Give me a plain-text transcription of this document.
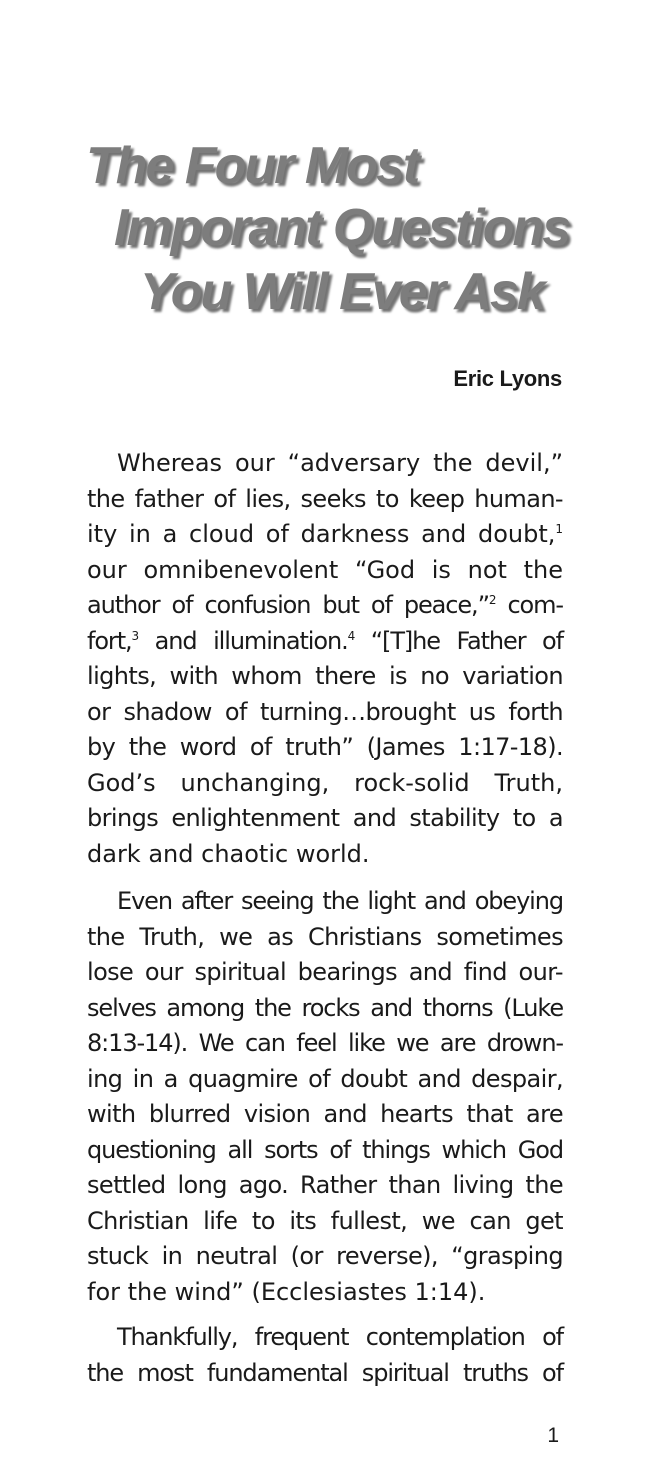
The Four Most
Imporant Questions
You Will Ever Ask
Eric Lyons
Whereas our “adversary the devil,”
the father of lies, seeks to keep human-
ity in a cloud of darkness and doubt,$^1$
our omnibenevolent “God is not the
author of confusion but of peace,”$^2$ com-
fort,$^3$ and illumination.$^4$ “[T]he Father of
lights, with whom there is no variation
or shadow of turning…brought us forth
by the word of truth” (James 1:17-18).
God’s unchanging, rock-solid Truth,
brings enlightenment and stability to a
dark and chaotic world.
Even after seeing the light and obeying
the Truth, we as Christians sometimes
lose our spiritual bearings and find our-
selves among the rocks and thorns (Luke
8:13-14). We can feel like we are drown-
ing in a quagmire of doubt and despair,
with blurred vision and hearts that are
questioning all sorts of things which God
settled long ago. Rather than living the
Christian life to its fullest, we can get
stuck in neutral (or reverse), “grasping
for the wind” (Ecclesiastes 1:14).
Thankfully, frequent contemplation of
the most fundamental spiritual truths of
1
